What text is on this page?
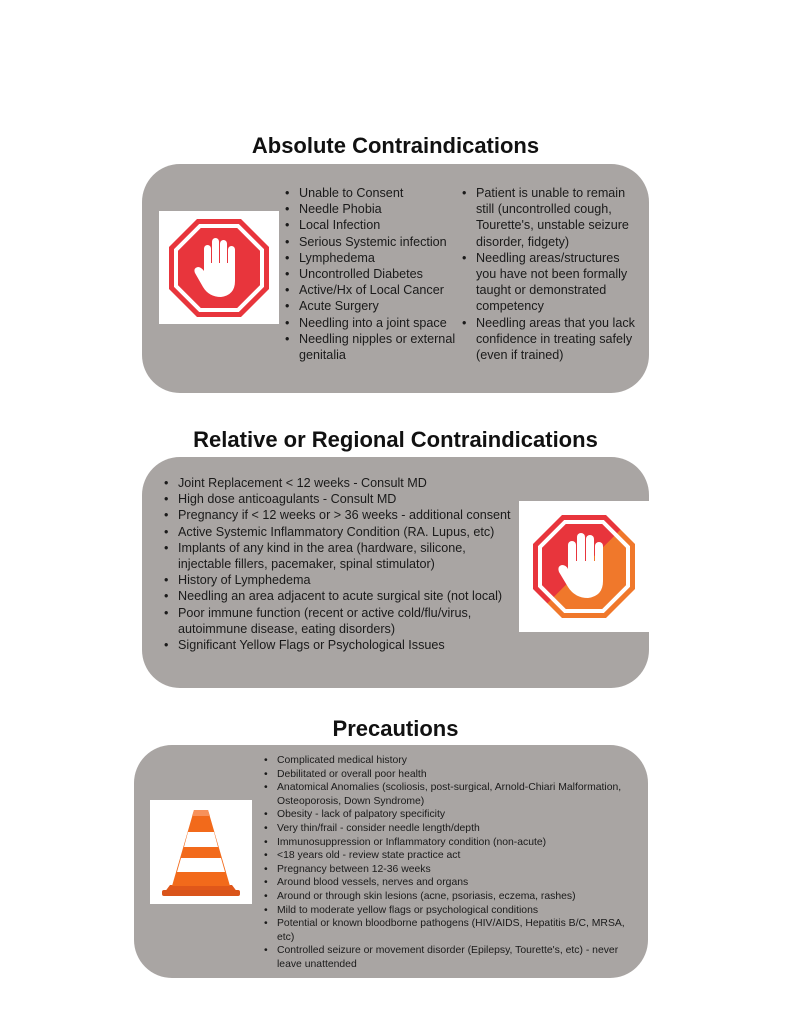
Absolute Contraindications
• Unable to Consent
• Needle Phobia
• Local Infection
• Serious Systemic infection
• Lymphedema
• Uncontrolled Diabetes
• Active/Hx of Local Cancer
• Acute Surgery
• Needling into a joint space
• Needling nipples or external genitalia
• Patient is unable to remain still (uncontrolled cough, Tourette's, unstable seizure disorder, fidgety)
• Needling areas/structures you have not been formally taught or demonstrated competency
• Needling areas that you lack confidence in treating safely (even if trained)
Relative or Regional Contraindications
• Joint Replacement < 12 weeks - Consult MD
• High dose anticoagulants - Consult MD
• Pregnancy if < 12 weeks or > 36 weeks - additional consent
• Active Systemic Inflammatory Condition (RA. Lupus, etc)
• Implants of any kind in the area (hardware, silicone, injectable fillers, pacemaker, spinal stimulator)
• History of Lymphedema
• Needling an area adjacent to acute surgical site (not local)
• Poor immune function (recent or active cold/flu/virus, autoimmune disease, eating disorders)
• Significant Yellow Flags or Psychological Issues
Precautions
• Complicated medical history
• Debilitated or overall poor health
• Anatomical Anomalies (scoliosis, post-surgical, Arnold-Chiari Malformation, Osteoporosis, Down Syndrome)
• Obesity - lack of palpatory specificity
• Very thin/frail - consider needle length/depth
• Immunosuppression or Inflammatory condition (non-acute)
• <18 years old - review state practice act
• Pregnancy between 12-36 weeks
• Around blood vessels, nerves and organs
• Around or through skin lesions (acne, psoriasis, eczema, rashes)
• Mild to moderate yellow flags or psychological conditions
• Potential or known bloodborne pathogens (HIV/AIDS, Hepatitis B/C, MRSA, etc)
• Controlled seizure or movement disorder (Epilepsy, Tourette's, etc) - never leave unattended
